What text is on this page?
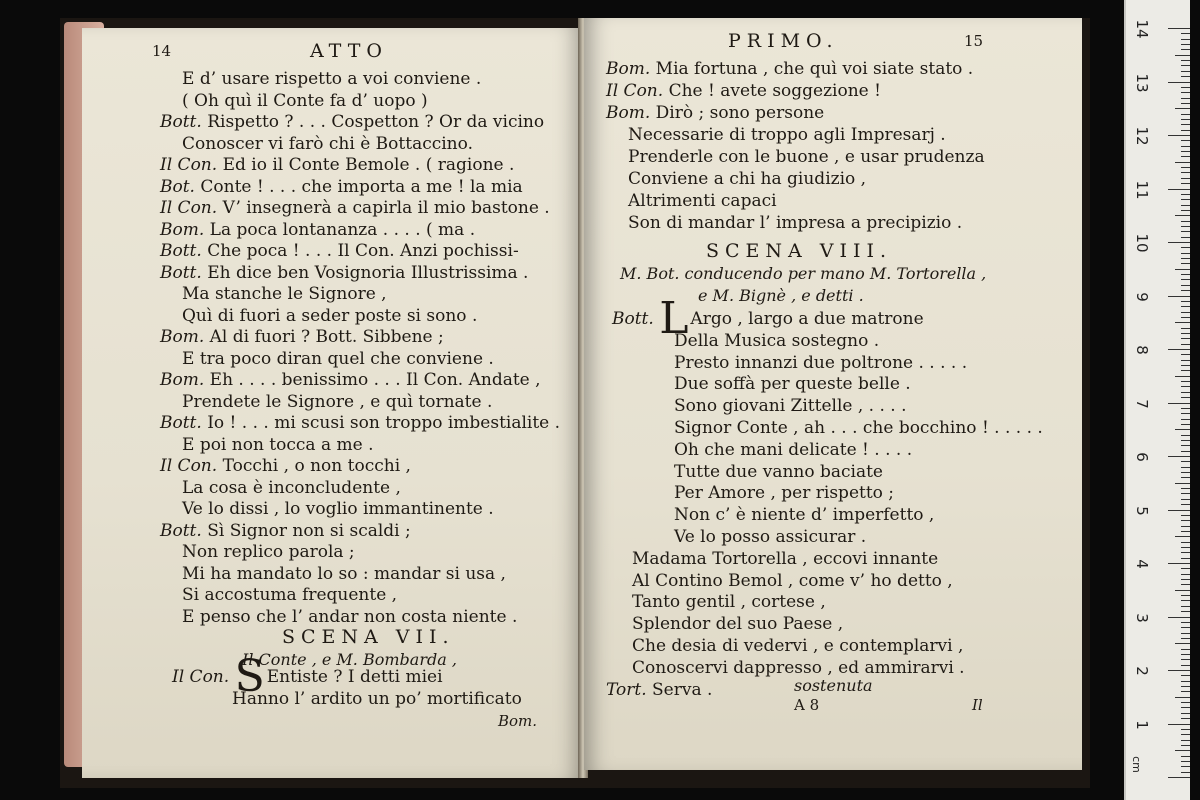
14	ATTO
E d’ usare rispetto a voi conviene .
( Oh quì il Conte fa d’ uopo )
Bott. Rispetto ? . . . Cospetton ? Or da vicino
Conoscer vi farò chi è Bottaccino.
Il Con. Ed io il Conte Bemole . ( ragione .
Bot. Conte ! . . . che importa a me ! la mia
Il Con. V’ insegnerà a capirla il mio bastone .
Bom. La poca lontananza . . . . ( ma .
Bott. Che poca ! . . . Il Con. Anzi pochissi-
Bott. Eh dice ben Vosignoria Illustrissima .
Ma stanche le Signore ,
Quì di fuori a seder poste si sono .
Bom. Al di fuori ? Bott. Sibbene ;
E tra poco diran quel che conviene .
Bom. Eh . . . . benissimo . . . Il Con. Andate ,
Prendete le Signore , e quì tornate .
Bott. Io ! . . . mi scusi son troppo imbestialite .
E poi non tocca a me .
Il Con. Tocchi , o non tocchi ,
La cosa è inconcludente ,
Ve lo dissi , lo voglio immantinente .
Bott. Sì Signor non si scaldi ;
Non replico parola ;
Mi ha mandato lo so : mandar si usa ,
Si accostuma frequente ,
E penso che l’ andar non costa niente .
SCENA VII.
Il Conte , e M. Bombarda ,
Il Con. S Entiste ? I detti miei
Hanno l’ ardito un po’ mortificato
Bom.
PRIMO.	15
Bom. Mia fortuna , che quì voi siate stato .
Il Con. Che ! avete soggezione !
Bom. Dirò ; sono persone
Necessarie di troppo agli Impresarj .
Prenderle con le buone , e usar prudenza
Conviene a chi ha giudizio ,
Altrimenti capaci
Son di mandar l’ impresa a precipizio .
SCENA VIII.
M. Bot. conducendo per mano M. Tortorella ,
e M. Bignè , e detti .
Bott. L Argo , largo a due matrone
Della Musica sostegno .
Presto innanzi due poltrone . . . . .
Due soffà per queste belle .
Sono giovani Zittelle , . . . .
Signor Conte , ah . . . che bocchino ! . . . . .
Oh che mani delicate ! . . . .
Tutte due vanno baciate
Per Amore , per rispetto ;
Non c’ è niente d’ imperfetto ,
Ve lo posso assicurar .
Madama Tortorella , eccovi innante
Al Contino Bemol , come v’ ho detto ,
Tanto gentil , cortese ,
Splendor del suo Paese ,
Che desia di vedervi , e contemplarvi ,
Conoscervi dappresso , ed ammirarvi .
Tort. Serva .	sostenuta
A 8	Il
14
13
12
11
10
9
8
7
6
5
4
3
2
1
cm
